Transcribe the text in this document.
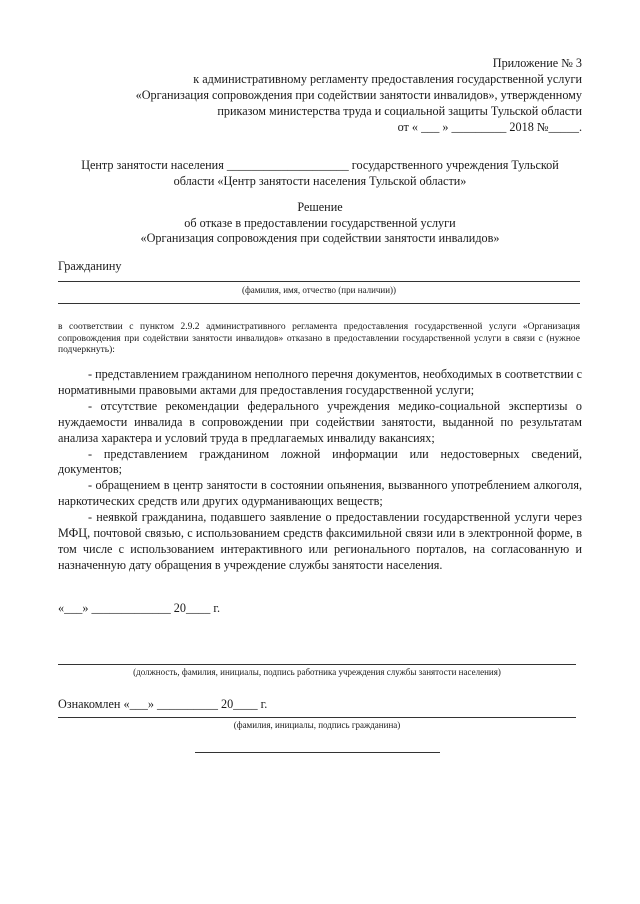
Приложение № 3
к административному регламенту предоставления государственной услуги
«Организация сопровождения при содействии занятости инвалидов», утвержденному
приказом министерства труда и социальной защиты Тульской области
от « ___ » _________ 2018 №_____.
Центр занятости населения ____________________ государственного учреждения Тульской
области «Центр занятости населения Тульской области»
Решение
об отказе в предоставлении государственной услуги
«Организация сопровождения при содействии занятости инвалидов»
Гражданину
(фамилия, имя, отчество (при наличии))
в соответствии с пунктом 2.9.2 административного регламента предоставления государственной услуги «Организация сопровождения при содействии занятости инвалидов» отказано в предоставлении государственной услуги в связи с (нужное подчеркнуть):

- представлением гражданином неполного перечня документов, необходимых в соответствии с нормативными правовыми актами для предоставления государственной услуги;

- отсутствие рекомендации федерального учреждения медико-социальной экспертизы о нуждаемости инвалида в сопровождении при содействии занятости, выданной по результатам анализа характера и условий труда в предлагаемых инвалиду вакансиях;

- представлением гражданином ложной информации или недостоверных сведений, документов;

- обращением в центр занятости в состоянии опьянения, вызванного употреблением алкоголя, наркотических средств или других одурманивающих веществ;

- неявкой гражданина, подавшего заявление о предоставлении государственной услуги через МФЦ, почтовой связью, с использованием средств факсимильной связи или в электронной форме, в том числе с использованием интерактивного или регионального порталов, на согласованную и назначенную дату обращения в учреждение службы занятости населения.

«___» _____________ 20____ г.
(должность, фамилия, инициалы, подпись работника учреждения службы занятости населения)
Ознакомлен «___» __________ 20____ г.
(фамилия, инициалы, подпись гражданина)
